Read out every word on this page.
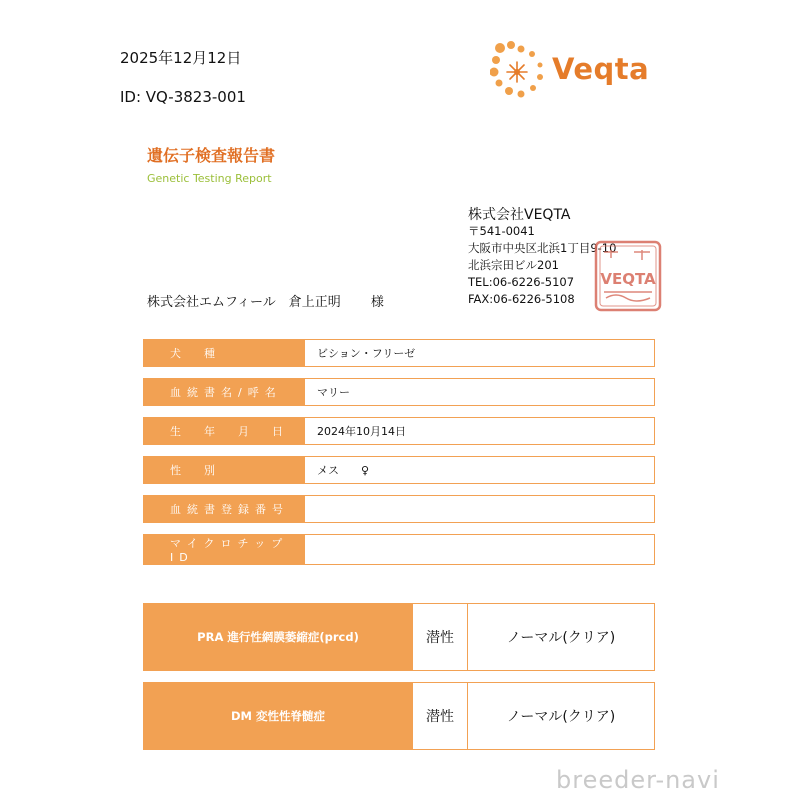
2025年12月12日
ID: VQ-3823-001
Veqta
遺伝子検査報告書
Genetic Testing Report
株式会社VEQTA
〒541-0041
大阪市中央区北浜1丁目9-10
北浜宗田ビル201
TEL:06-6226-5107
FAX:06-6226-5108
VEQTA
株式会社エムフィール　倉上正明 様
犬　種	ビション・フリーゼ

血統書名/呼名	マリー

生　年　月　日	2024年10月14日

性　別	メス　　♀

血統書登録番号	

マイクロチップID	

PRA 進行性網膜萎縮症(prcd)	潜性	ノーマル(クリア)
DM 変性性脊髄症	潜性	ノーマル(クリア)
breeder-navi
